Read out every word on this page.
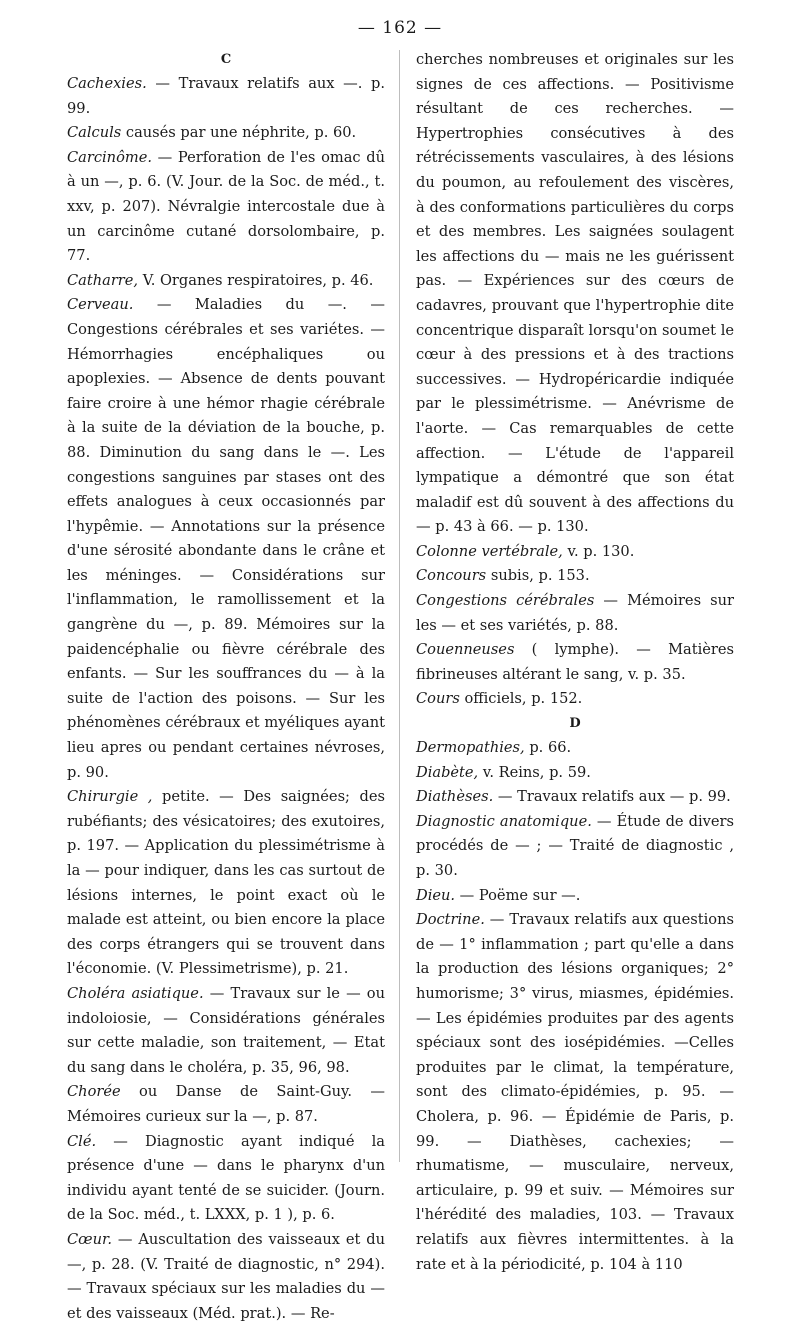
— 162 —

C

Cachexies. — Travaux relatifs aux —. p. 99.

Calculs causés par une néphrite, p. 60.

Carcinôme. — Perforation de l'es omac dû à un —, p. 6. (V. Jour. de la Soc. de méd., t. xxv, p. 207). Névralgie intercostale due à un carcinôme cutané dorsolombaire, p. 77.

Catharre, V. Organes respiratoires, p. 46.

Cerveau. — Maladies du —. — Congestions cérébrales et ses variétes. — Hémorrhagies encéphaliques ou apoplexies. — Absence de dents pouvant faire croire à une hémor rhagie cérébrale à la suite de la déviation de la bouche, p. 88. Diminution du sang dans le —. Les congestions sanguines par stases ont des effets analogues à ceux occasionnés par l'hypêmie. — Annotations sur la présence d'une sérosité abondante dans le crâne et les méninges. — Considérations sur l'inflammation, le ramollissement et la gangrène du —, p. 89. Mémoires sur la paidencéphalie ou fièvre cérébrale des enfants. — Sur les souffrances du — à la suite de l'action des poisons. — Sur les phénomènes cérébraux et myéliques ayant lieu apres ou pendant certaines névroses, p. 90.

Chirurgie , petite. — Des saignées; des rubéfiants; des vésicatoires; des exutoires, p. 197. — Application du plessimétrisme à la — pour indiquer, dans les cas surtout de lésions internes, le point exact où le malade est atteint, ou bien encore la place des corps étrangers qui se trouvent dans l'économie. (V. Plessimetrisme), p. 21.

Choléra asiatique. — Travaux sur le — ou indoloiosie, — Considérations générales sur cette maladie, son traitement, — Etat du sang dans le choléra, p. 35, 96, 98.

Chorée ou Danse de Saint-Guy. — Mémoires curieux sur la —, p. 87.

Clé. — Diagnostic ayant indiqué la présence d'une — dans le pharynx d'un individu ayant tenté de se suicider. (Journ. de la Soc. méd., t. LXXX, p. 1 ), p. 6.

Cœur. — Auscultation des vaisseaux et du —, p. 28. (V. Traité de diagnostic, n° 294). — Travaux spéciaux sur les maladies du — et des vaisseaux (Méd. prat.). — Re-

cherches nombreuses et originales sur les signes de ces affections. — Positivisme résultant de ces recherches. — Hypertrophies consécutives à des rétrécissements vasculaires, à des lésions du poumon, au refoulement des viscères, à des conformations particulières du corps et des membres. Les saignées soulagent les affections du — mais ne les guérissent pas. — Expériences sur des cœurs de cadavres, prouvant que l'hypertrophie dite concentrique disparaît lorsqu'on soumet le cœur à des pressions et à des tractions successives. — Hydropéricardie indiquée par le plessimétrisme. — Anévrisme de l'aorte. — Cas remarquables de cette affection. — L'étude de l'appareil lympatique a démontré que son état maladif est dû souvent à des affections du — p. 43 à 66. — p. 130.

Colonne vertébrale, v. p. 130.

Concours subis, p. 153.

Congestions cérébrales — Mémoires sur les — et ses variétés, p. 88.

Couenneuses ( lymphe). — Matières fibrineuses altérant le sang, v. p. 35.

Cours officiels, p. 152.

D

Dermopathies, p. 66.

Diabète, v. Reins, p. 59.

Diathèses. — Travaux relatifs aux — p. 99.

Diagnostic anatomique. — Étude de divers procédés de — ; — Traité de diagnostic , p. 30.

Dieu. — Poëme sur —.

Doctrine. — Travaux relatifs aux questions de — 1° inflammation ; part qu'elle a dans la production des lésions organiques; 2° humorisme; 3° virus, miasmes, épidémies. — Les épidémies produites par des agents spéciaux sont des iosépidémies. —Celles produites par le climat, la température, sont des climato-épidémies, p. 95. — Cholera, p. 96. — Épidémie de Paris, p. 99. — Diathèses, cachexies; — rhumatisme, — musculaire, nerveux, articulaire, p. 99 et suiv. — Mémoires sur l'hérédité des maladies, 103. — Travaux relatifs aux fièvres intermittentes. à la rate et à la périodicité, p. 104 à 110
